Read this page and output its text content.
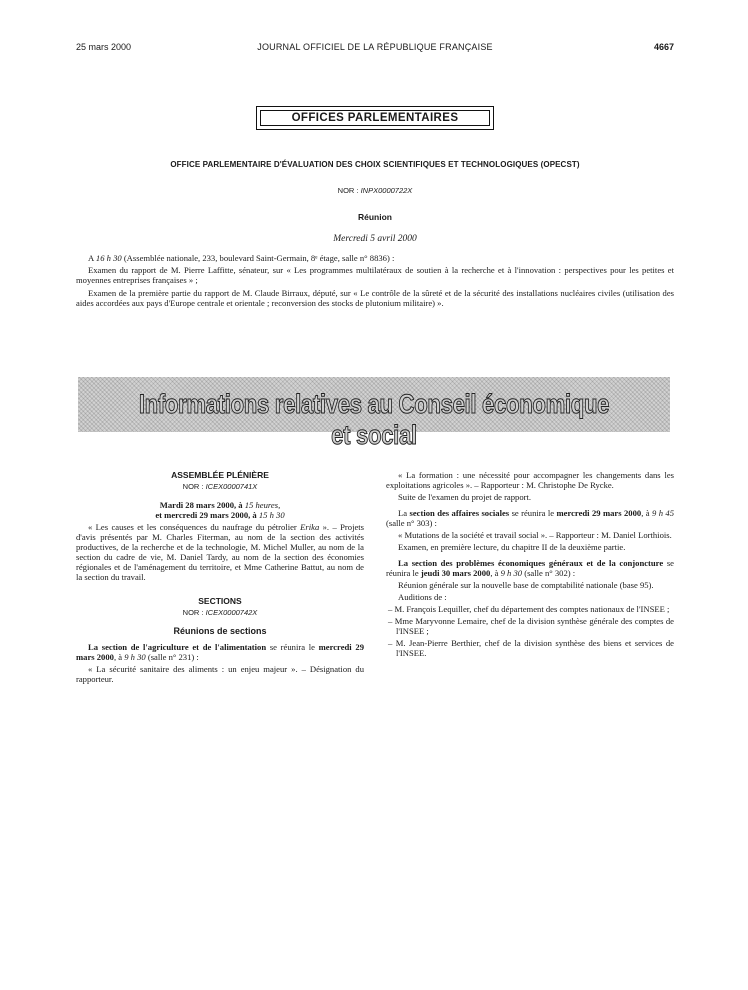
25 mars 2000	JOURNAL OFFICIEL DE LA RÉPUBLIQUE FRANÇAISE	4667
OFFICES PARLEMENTAIRES
OFFICE PARLEMENTAIRE D'ÉVALUATION DES CHOIX SCIENTIFIQUES ET TECHNOLOGIQUES (OPECST)
NOR : INPX0000722X
Réunion
Mercredi 5 avril 2000
A 16 h 30 (Assemblée nationale, 233, boulevard Saint-Germain, 8ᵉ étage, salle n° 8836) :
Examen du rapport de M. Pierre Laffitte, sénateur, sur « Les programmes multilatéraux de soutien à la recherche et à l'innovation : perspectives pour les petites et moyennes entreprises françaises » ;
Examen de la première partie du rapport de M. Claude Birraux, député, sur « Le contrôle de la sûreté et de la sécurité des installations nucléaires civiles (utilisation des aides accordées aux pays d'Europe centrale et orientale ; reconversion des stocks de plutonium militaire) ».
Informations relatives au Conseil économique et social

ASSEMBLÉE PLÉNIÈRE

NOR : ICEX0000741X

Mardi 28 mars 2000, à 15 heures,
et mercredi 29 mars 2000, à 15 h 30

« Les causes et les conséquences du naufrage du pétrolier Erika ». – Projets d'avis présentés par M. Charles Fiterman, au nom de la section des activités productives, de la recherche et de la technologie, M. Michel Muller, au nom de la section du cadre de vie, M. Daniel Tardy, au nom de la section des économies régionales et de l'aménagement du territoire, et Mme Catherine Battut, au nom de la section du travail.

SECTIONS

NOR : ICEX0000742X

Réunions de sections

La section de l'agriculture et de l'alimentation se réunira le mercredi 29 mars 2000, à 9 h 30 (salle n° 231) :

« La sécurité sanitaire des aliments : un enjeu majeur ». – Désignation du rapporteur.

« La formation : une nécessité pour accompagner les changements dans les exploitations agricoles ». – Rapporteur : M. Christophe De Rycke.

Suite de l'examen du projet de rapport.

La section des affaires sociales se réunira le mercredi 29 mars 2000, à 9 h 45 (salle n° 303) :

« Mutations de la société et travail social ». – Rapporteur : M. Daniel Lorthiois.

Examen, en première lecture, du chapitre II de la deuxième partie.

La section des problèmes économiques généraux et de la conjoncture se réunira le jeudi 30 mars 2000, à 9 h 30 (salle n° 302) :

Réunion générale sur la nouvelle base de comptabilité nationale (base 95).

Auditions de :

– M. François Lequiller, chef du département des comptes nationaux de l'INSEE ;

– Mme Maryvonne Lemaire, chef de la division synthèse générale des comptes de l'INSEE ;

– M. Jean-Pierre Berthier, chef de la division synthèse des biens et services de l'INSEE.
